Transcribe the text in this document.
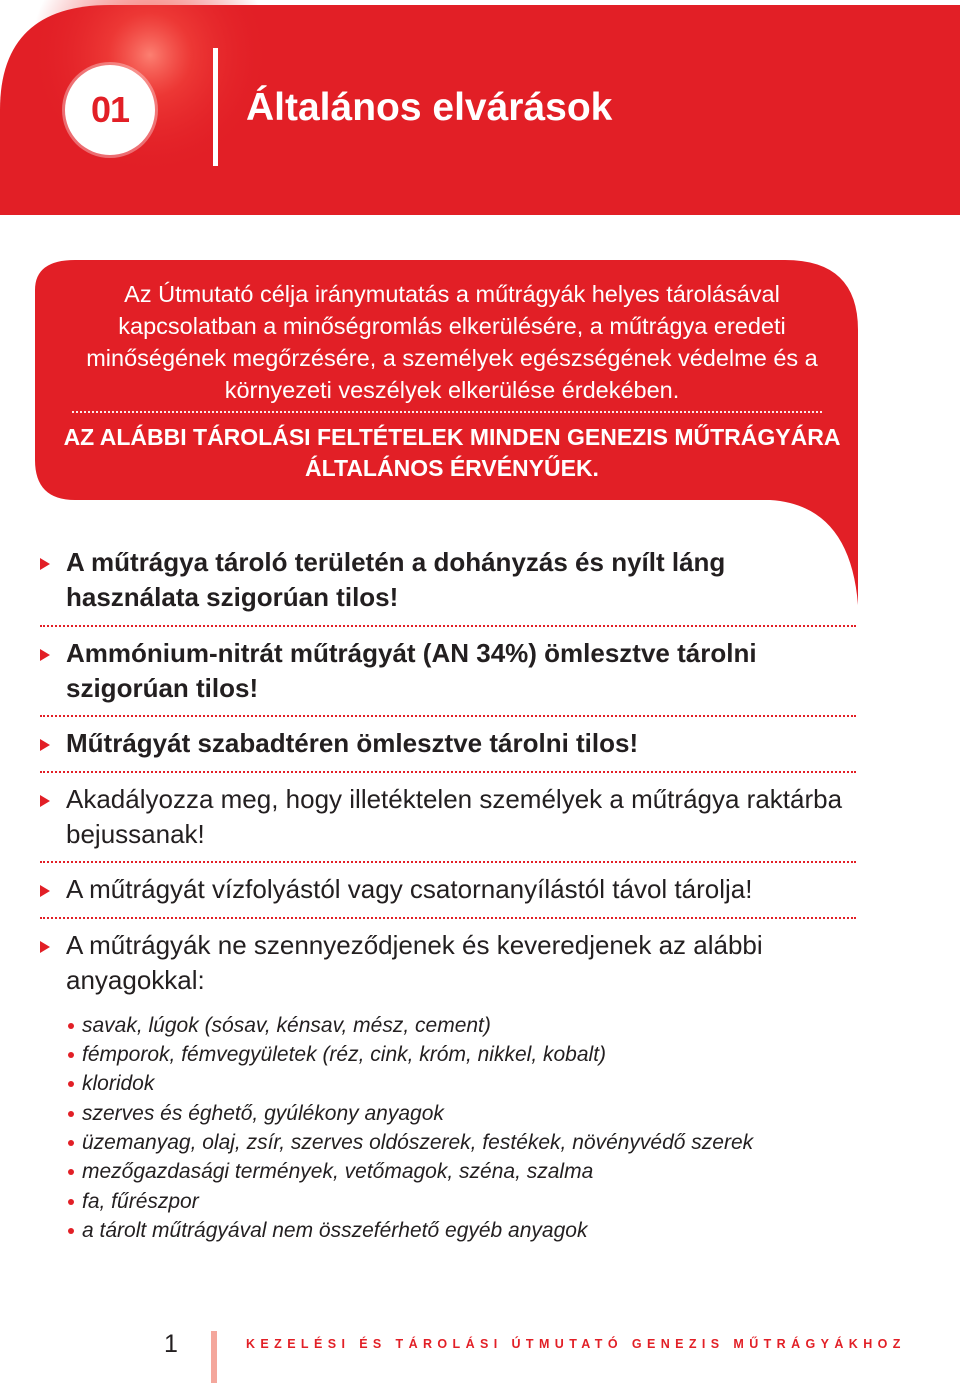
01	Általános elvárások

Az Útmutató célja iránymutatás a műtrágyák helyes tárolásával kapcsolatban a minőségromlás elkerülésére, a műtrágya eredeti minőségének megőrzésére, a személyek egészségének védelme és a környezeti veszélyek elkerülése érdekében.

AZ ALÁBBI TÁROLÁSI FELTÉTELEK MINDEN GENEZIS MŰTRÁGYÁRA ÁLTALÁNOS ÉRVÉNYŰEK.

A műtrágya tároló területén a dohányzás és nyílt láng használata szigorúan tilos!

Ammónium-nitrát műtrágyát (AN 34%) ömlesztve tárolni szigorúan tilos!

Műtrágyát szabadtéren ömlesztve tárolni tilos!

Akadályozza meg, hogy illetéktelen személyek a műtrágya raktárba bejussanak!

A műtrágyát vízfolyástól vagy csatornanyílástól távol tárolja!

A műtrágyák ne szennyeződjenek és keveredjenek az alábbi anyagokkal:

savak, lúgok (sósav, kénsav, mész, cement)

fémporok, fémvegyületek (réz, cink, króm, nikkel, kobalt)

kloridok

szerves és éghető, gyúlékony anyagok

üzemanyag, olaj, zsír, szerves oldószerek, festékek, növényvédő szerek

mezőgazdasági termények, vetőmagok, széna, szalma

fa, fűrészpor

a tárolt műtrágyával nem összeférhető egyéb anyagok

1	KEZELÉSI ÉS TÁROLÁSI ÚTMUTATÓ GENEZIS MŰTRÁGYÁKHOZ
